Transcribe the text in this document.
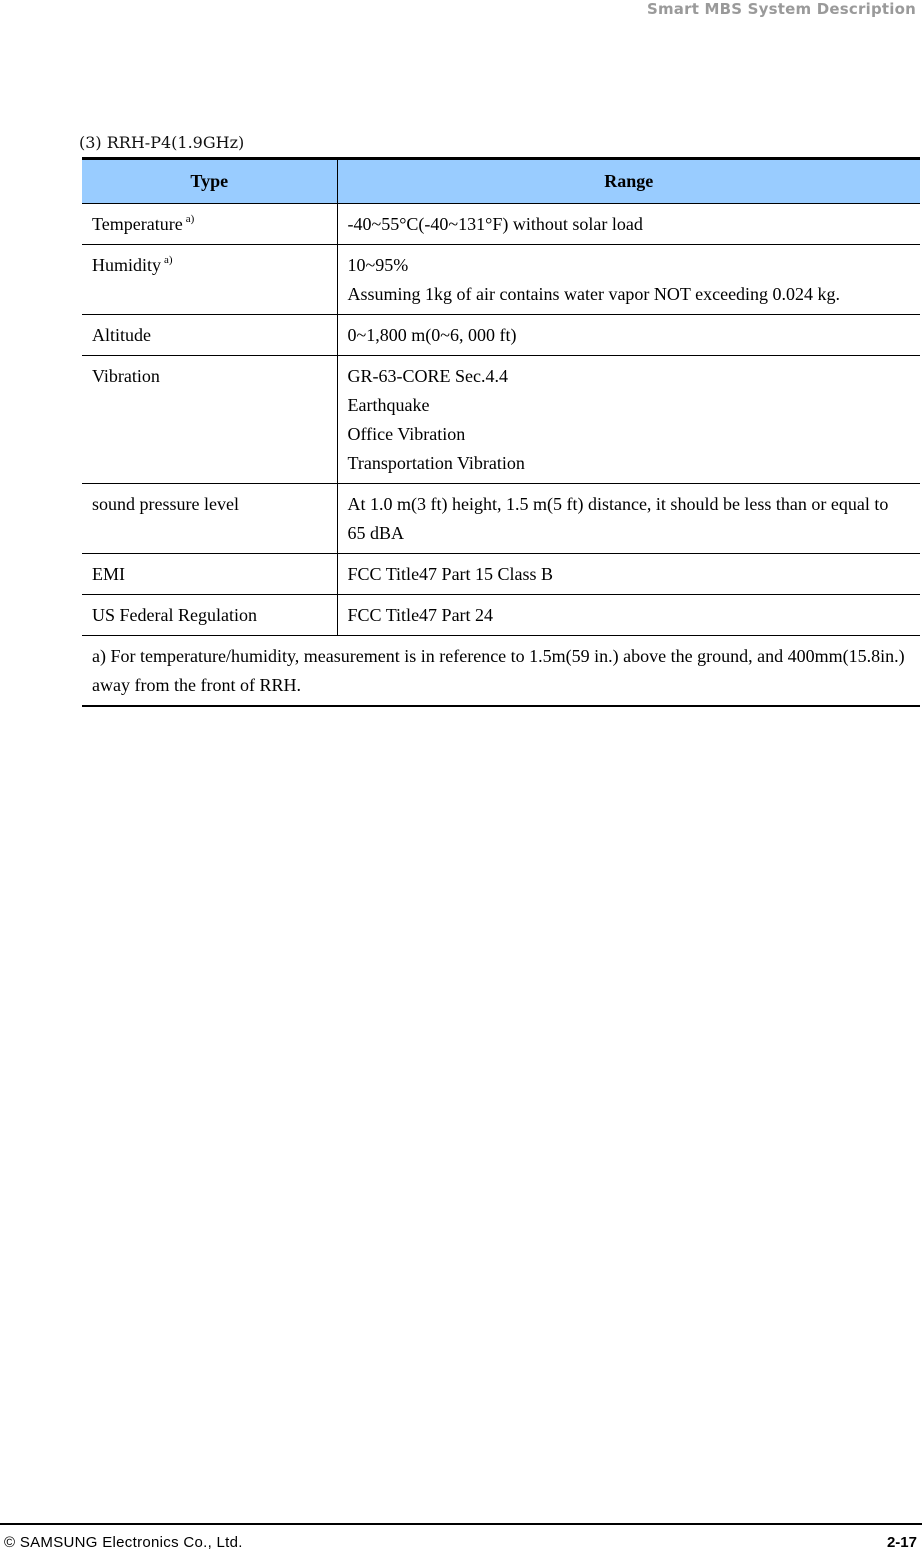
Smart MBS System Description
(3) RRH-P4(1.9GHz)
Type	Range
Temperature $^{a)}$	-40~55°C(-40~131°F) without solar load

Humidity $^{a)}$	10~95%
Assuming 1kg of air contains water vapor NOT exceeding 0.024 kg.

Altitude	0~1,800 m(0~6, 000 ft)

Vibration	GR-63-CORE Sec.4.4
Earthquake
Office Vibration
Transportation Vibration

sound pressure level	At 1.0 m(3 ft) height, 1.5 m(5 ft) distance, it should be less than or equal to 65 dBA

EMI	FCC Title47 Part 15 Class B

US Federal Regulation	FCC Title47 Part 24

a) For temperature/humidity, measurement is in reference to 1.5m(59 in.) above the ground, and 400mm(15.8in.) away from the front of RRH.	
© SAMSUNG Electronics Co., Ltd.	2-17
